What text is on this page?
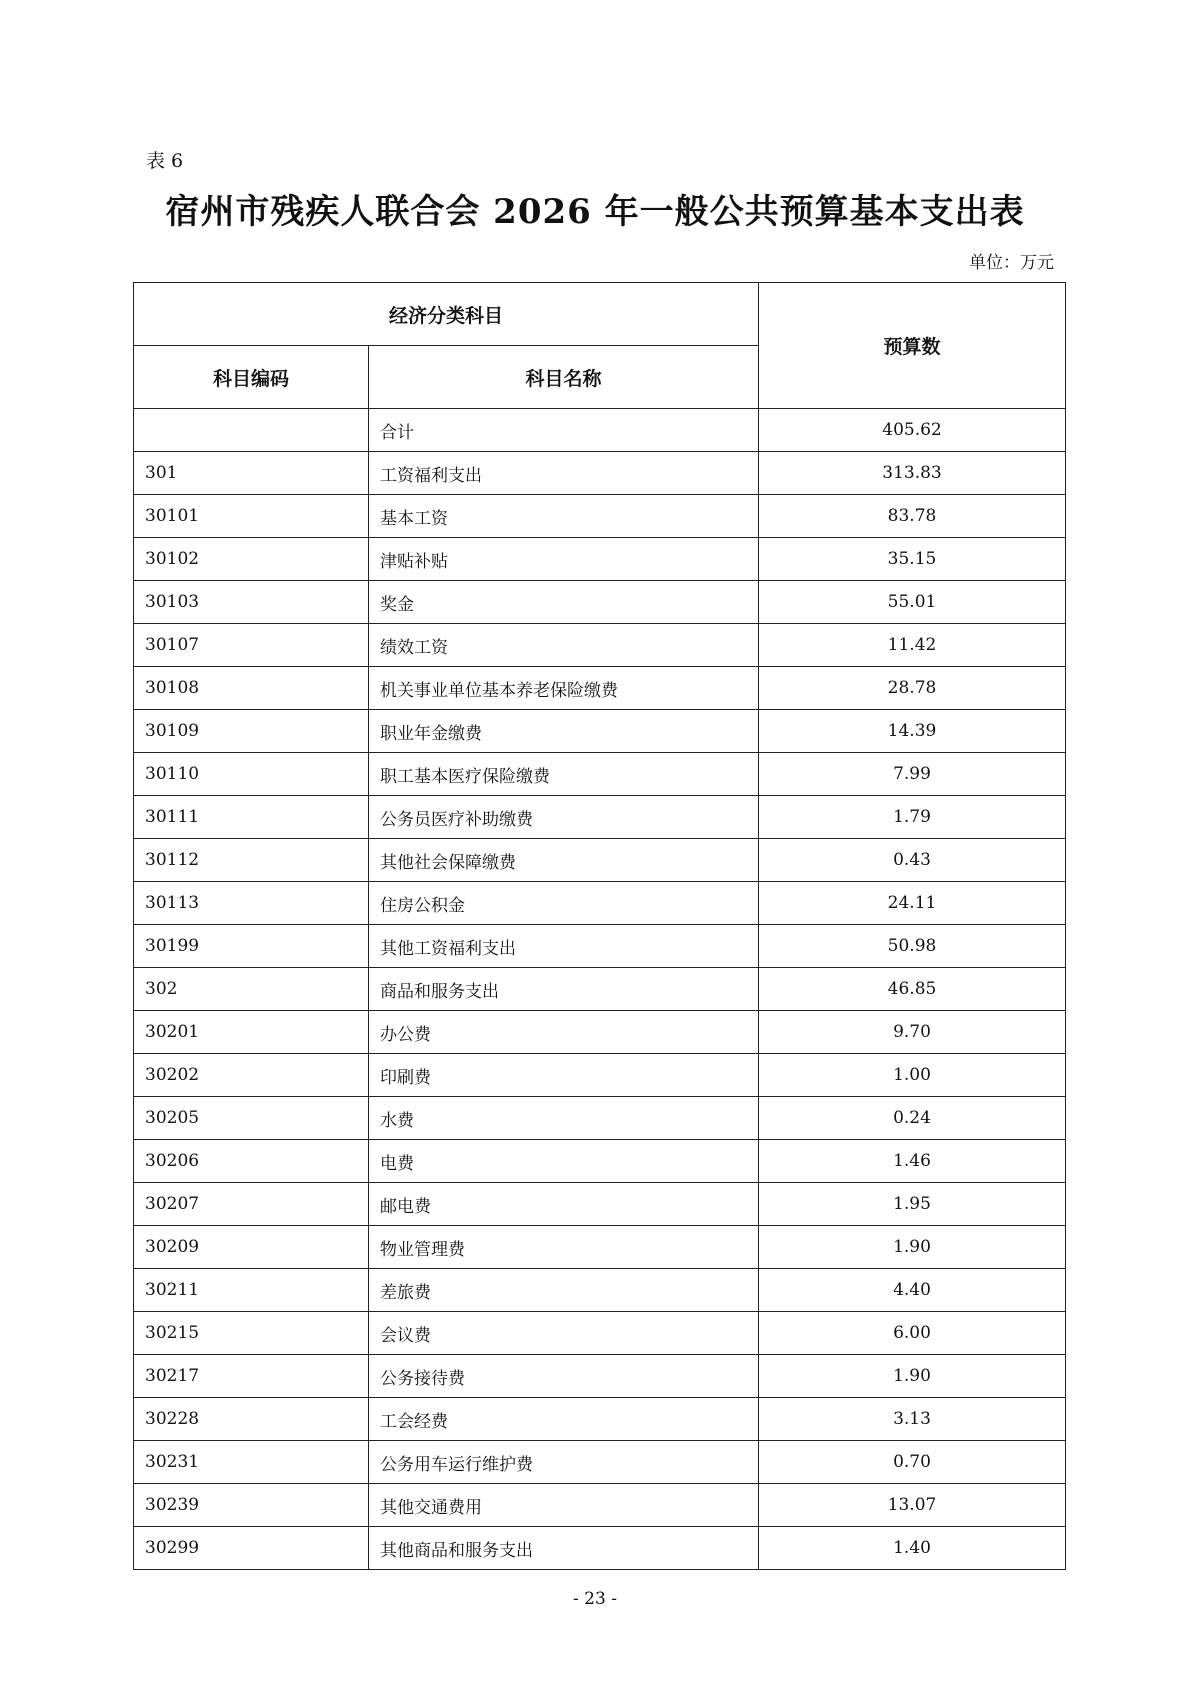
表 6
宿州市残疾人联合会 2026 年一般公共预算基本支出表
单位：万元
经济分类科目		预算数
科目编码	科目名称	
	合计	405.62
301	工资福利支出	313.83
30101	基本工资	83.78
30102	津贴补贴	35.15
30103	奖金	55.01
30107	绩效工资	11.42
30108	机关事业单位基本养老保险缴费	28.78
30109	职业年金缴费	14.39
30110	职工基本医疗保险缴费	7.99
30111	公务员医疗补助缴费	1.79
30112	其他社会保障缴费	0.43
30113	住房公积金	24.11
30199	其他工资福利支出	50.98
302	商品和服务支出	46.85
30201	办公费	9.70
30202	印刷费	1.00
30205	水费	0.24
30206	电费	1.46
30207	邮电费	1.95
30209	物业管理费	1.90
30211	差旅费	4.40
30215	会议费	6.00
30217	公务接待费	1.90
30228	工会经费	3.13
30231	公务用车运行维护费	0.70
30239	其他交通费用	13.07
30299	其他商品和服务支出	1.40
- 23 -
